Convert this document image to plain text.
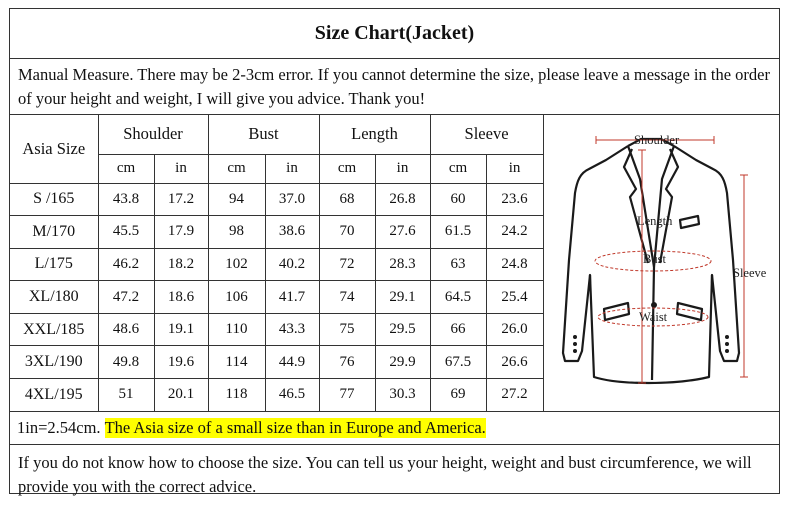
Size Chart(Jacket)
Manual Measure. There may be 2-3cm error. If you cannot determine the size, please leave a message in the order of your height and weight, I will give you advice. Thank you!
Asia Size	Shoulder		Bust		Length		Sleeve	
	cm	in	cm	in	cm	in	cm	in
S /165	43.8	17.2	94	37.0	68	26.8	60	23.6
M/170	45.5	17.9	98	38.6	70	27.6	61.5	24.2
L/175	46.2	18.2	102	40.2	72	28.3	63	24.8
XL/180	47.2	18.6	106	41.7	74	29.1	64.5	25.4
XXL/185	48.6	19.1	110	43.3	75	29.5	66	26.0
3XL/190	49.8	19.6	114	44.9	76	29.9	67.5	26.6
4XL/195	51	20.1	118	46.5	77	30.3	69	27.2
Shoulder
Length
Bust
Waist
Sleeve
1in=2.54cm. The Asia size of a small size than in Europe and America.
If you do not know how to choose the size. You can tell us your height, weight and bust circumference, we will provide you with the correct advice.
